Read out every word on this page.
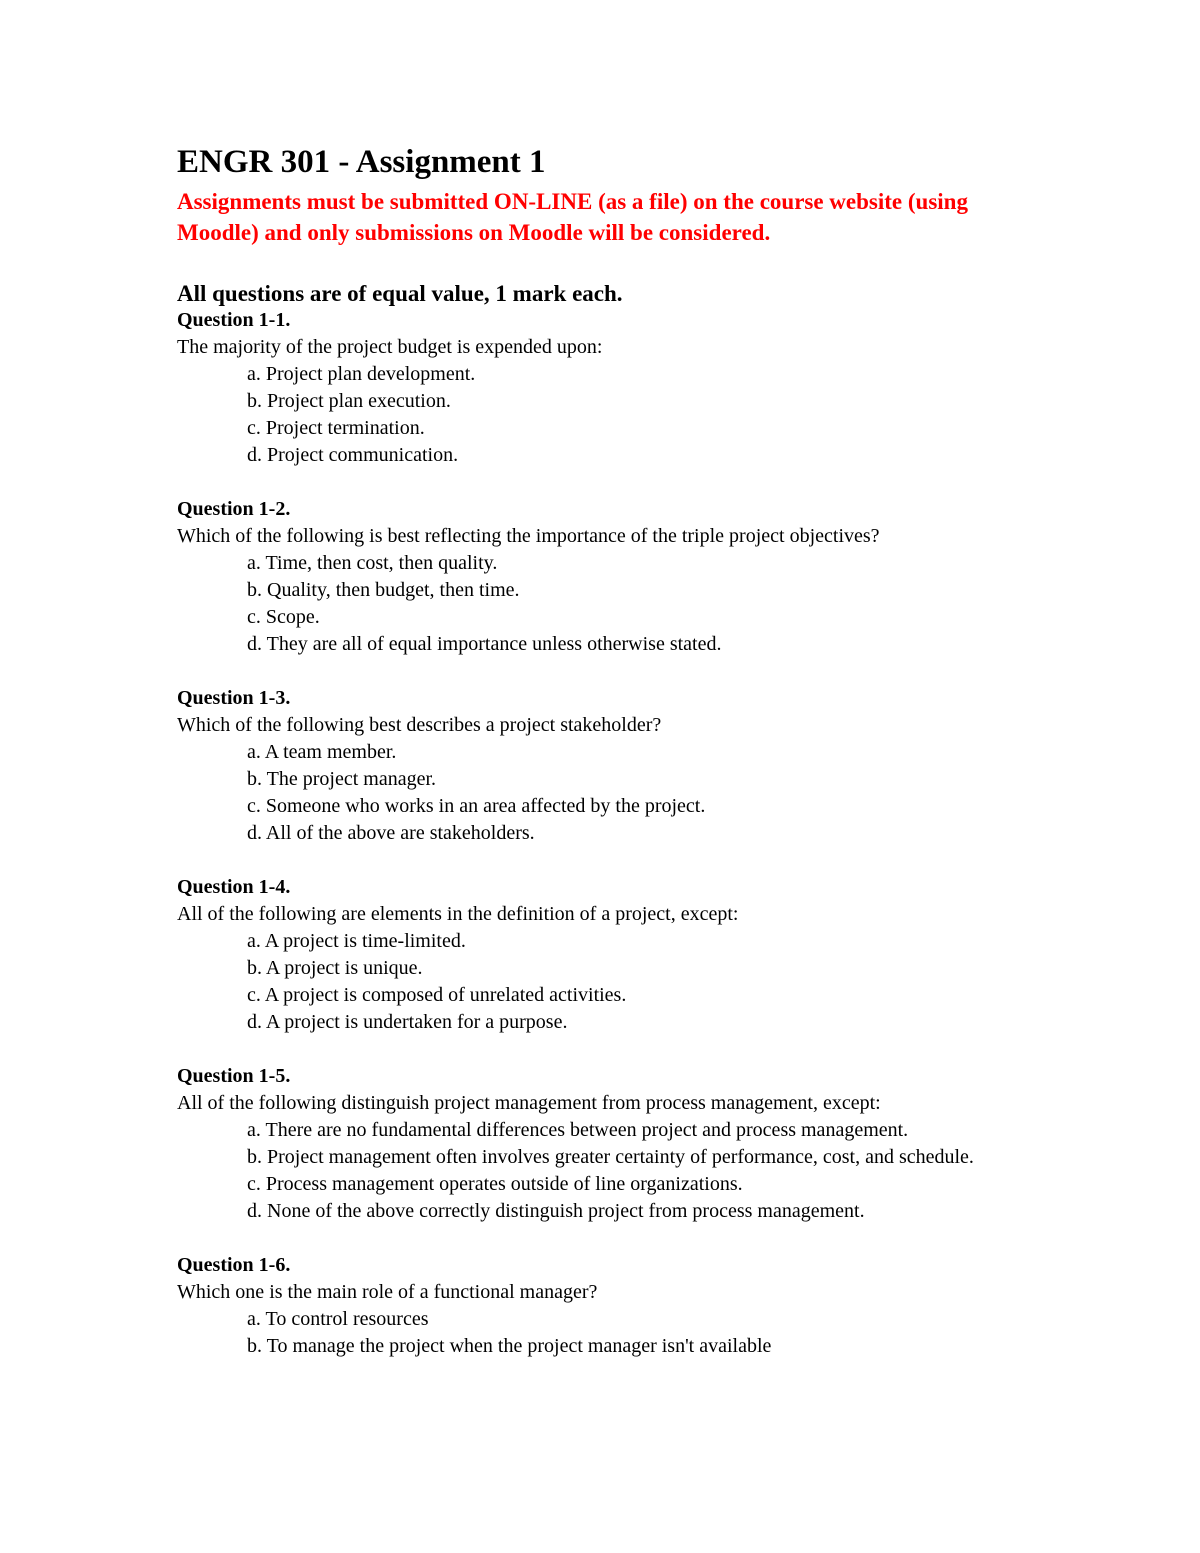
ENGR 301 - Assignment 1

Assignments must be submitted ON-LINE (as a file) on the course website (using Moodle) and only submissions on Moodle will be considered.

All questions are of equal value, 1 mark each.

Question 1-1.
The majority of the project budget is expended upon:
a. Project plan development.
b. Project plan execution.
c. Project termination.
d. Project communication.
Question 1-2.
Which of the following is best reflecting the importance of the triple project objectives?
a. Time, then cost, then quality.
b. Quality, then budget, then time.
c. Scope.
d. They are all of equal importance unless otherwise stated.
Question 1-3.
Which of the following best describes a project stakeholder?
a. A team member.
b. The project manager.
c. Someone who works in an area affected by the project.
d. All of the above are stakeholders.
Question 1-4.
All of the following are elements in the definition of a project, except:
a. A project is time-limited.
b. A project is unique.
c. A project is composed of unrelated activities.
d. A project is undertaken for a purpose.
Question 1-5.
All of the following distinguish project management from process management, except:
a. There are no fundamental differences between project and process management.
b. Project management often involves greater certainty of performance, cost, and schedule.
c. Process management operates outside of line organizations.
d. None of the above correctly distinguish project from process management.
Question 1-6.
Which one is the main role of a functional manager?
a. To control resources
b. To manage the project when the project manager isn't available
